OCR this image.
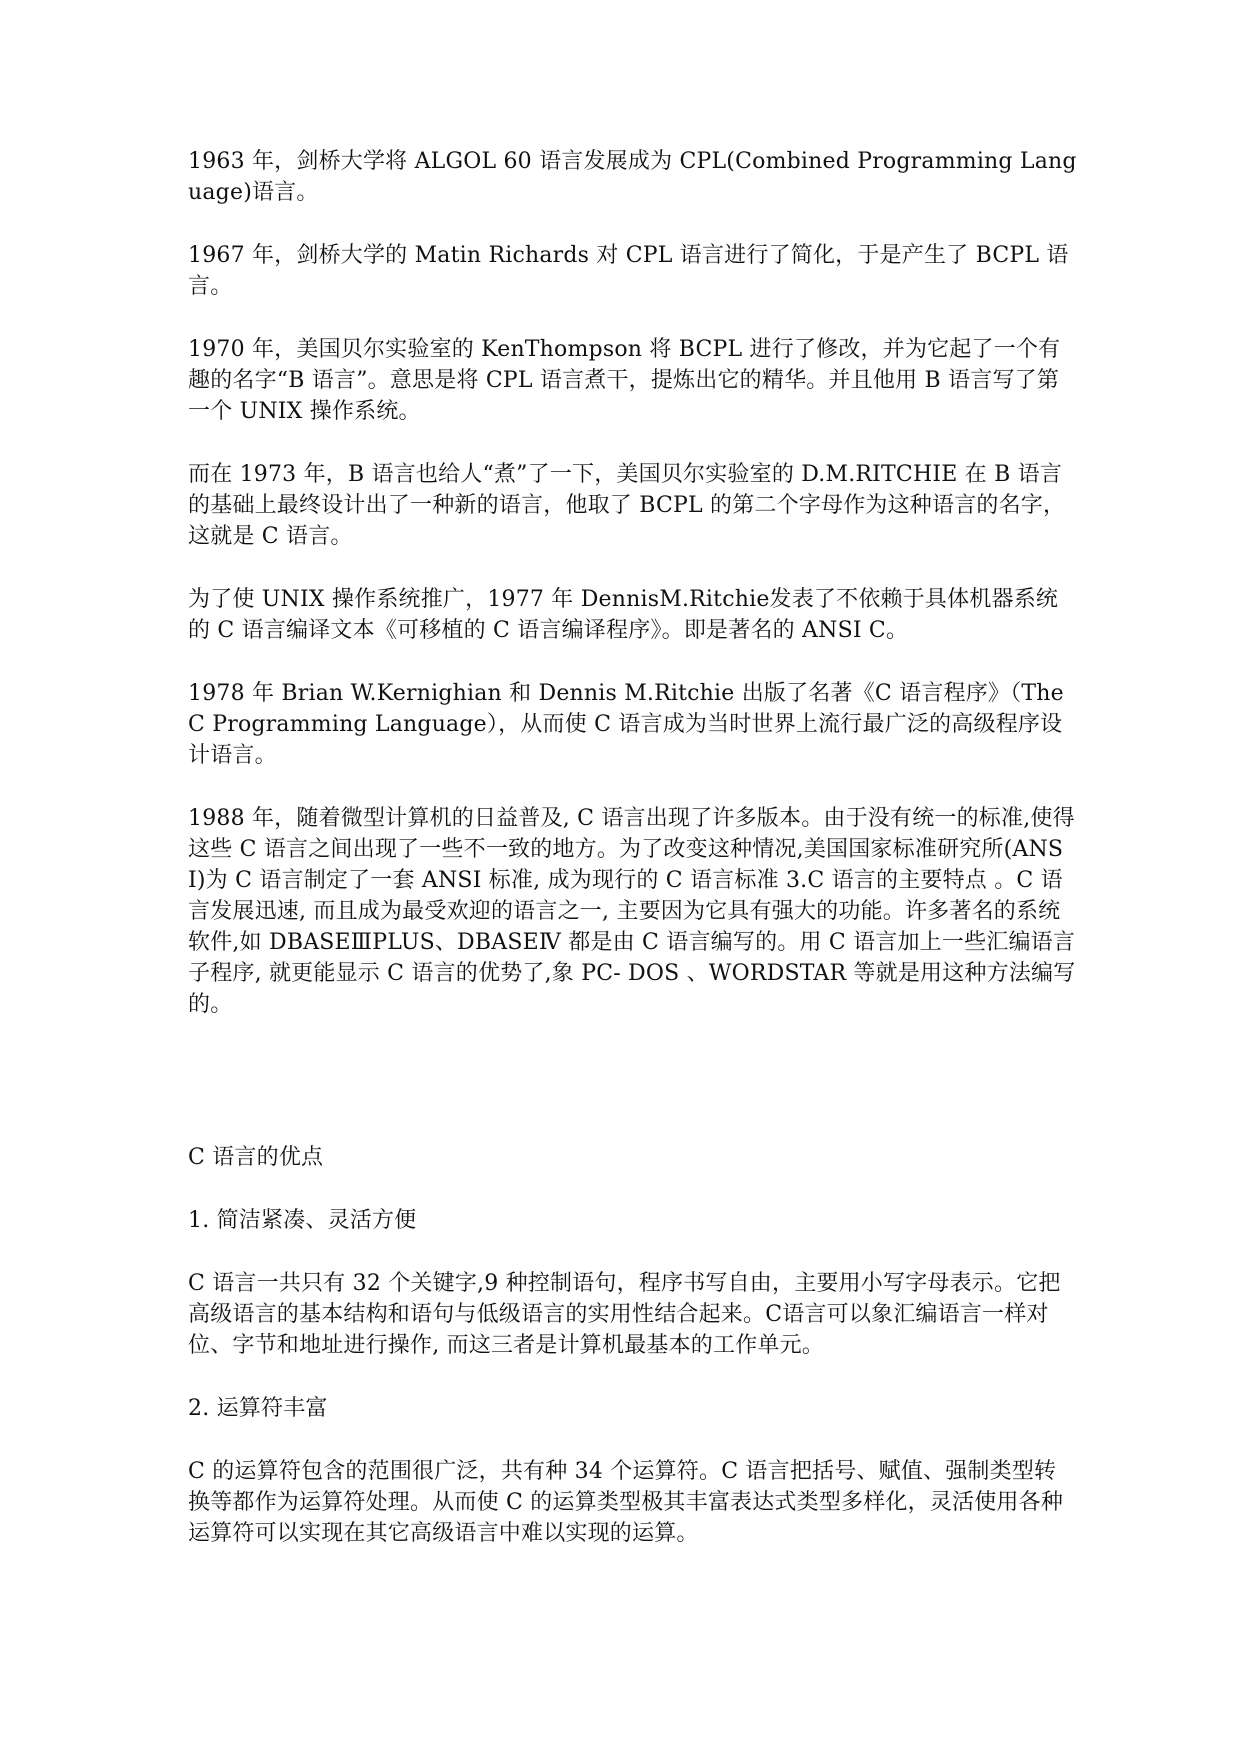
1963 年，剑桥大学将 ALGOL 60 语言发展成为 CPL(Combined Programming Language)语言。

1967 年，剑桥大学的 Matin Richards 对 CPL 语言进行了简化，于是产生了 BCPL 语言。

1970 年，美国贝尔实验室的 KenThompson 将 BCPL 进行了修改，并为它起了一个有趣的名字“B 语言”。意思是将 CPL 语言煮干，提炼出它的精华。并且他用 B 语言写了第一个 UNIX 操作系统。

而在 1973 年，B 语言也给人“煮”了一下，美国贝尔实验室的 D.M.RITCHIE 在 B 语言的基础上最终设计出了一种新的语言，他取了 BCPL 的第二个字母作为这种语言的名字，这就是 C 语言。

为了使 UNIX 操作系统推广，1977 年 DennisM.Ritchie发表了不依赖于具体机器系统的 C 语言编译文本《可移植的 C 语言编译程序》。即是著名的 ANSI C。

1978 年 Brian W.Kernighian 和 Dennis M.Ritchie 出版了名著《C 语言程序》（The C Programming Language），从而使 C 语言成为当时世界上流行最广泛的高级程序设计语言。

1988 年，随着微型计算机的日益普及, C 语言出现了许多版本。由于没有统一的标准,使得这些 C 语言之间出现了一些不一致的地方。为了改变这种情况,美国国家标准研究所(ANSI)为 C 语言制定了一套 ANSI 标准, 成为现行的 C 语言标准 3.C 语言的主要特点 。C 语言发展迅速, 而且成为最受欢迎的语言之一, 主要因为它具有强大的功能。许多著名的系统软件,如 DBASEⅢPLUS、DBASEⅣ 都是由 C 语言编写的。用 C 语言加上一些汇编语言子程序, 就更能显示 C 语言的优势了,象 PC- DOS 、WORDSTAR 等就是用这种方法编写的。

C 语言的优点

1. 简洁紧凑、灵活方便

C 语言一共只有 32 个关键字,9 种控制语句，程序书写自由，主要用小写字母表示。它把高级语言的基本结构和语句与低级语言的实用性结合起来。C语言可以象汇编语言一样对位、字节和地址进行操作, 而这三者是计算机最基本的工作单元。

2. 运算符丰富

C 的运算符包含的范围很广泛，共有种 34 个运算符。C 语言把括号、赋值、强制类型转换等都作为运算符处理。从而使 C 的运算类型极其丰富表达式类型多样化，灵活使用各种运算符可以实现在其它高级语言中难以实现的运算。
